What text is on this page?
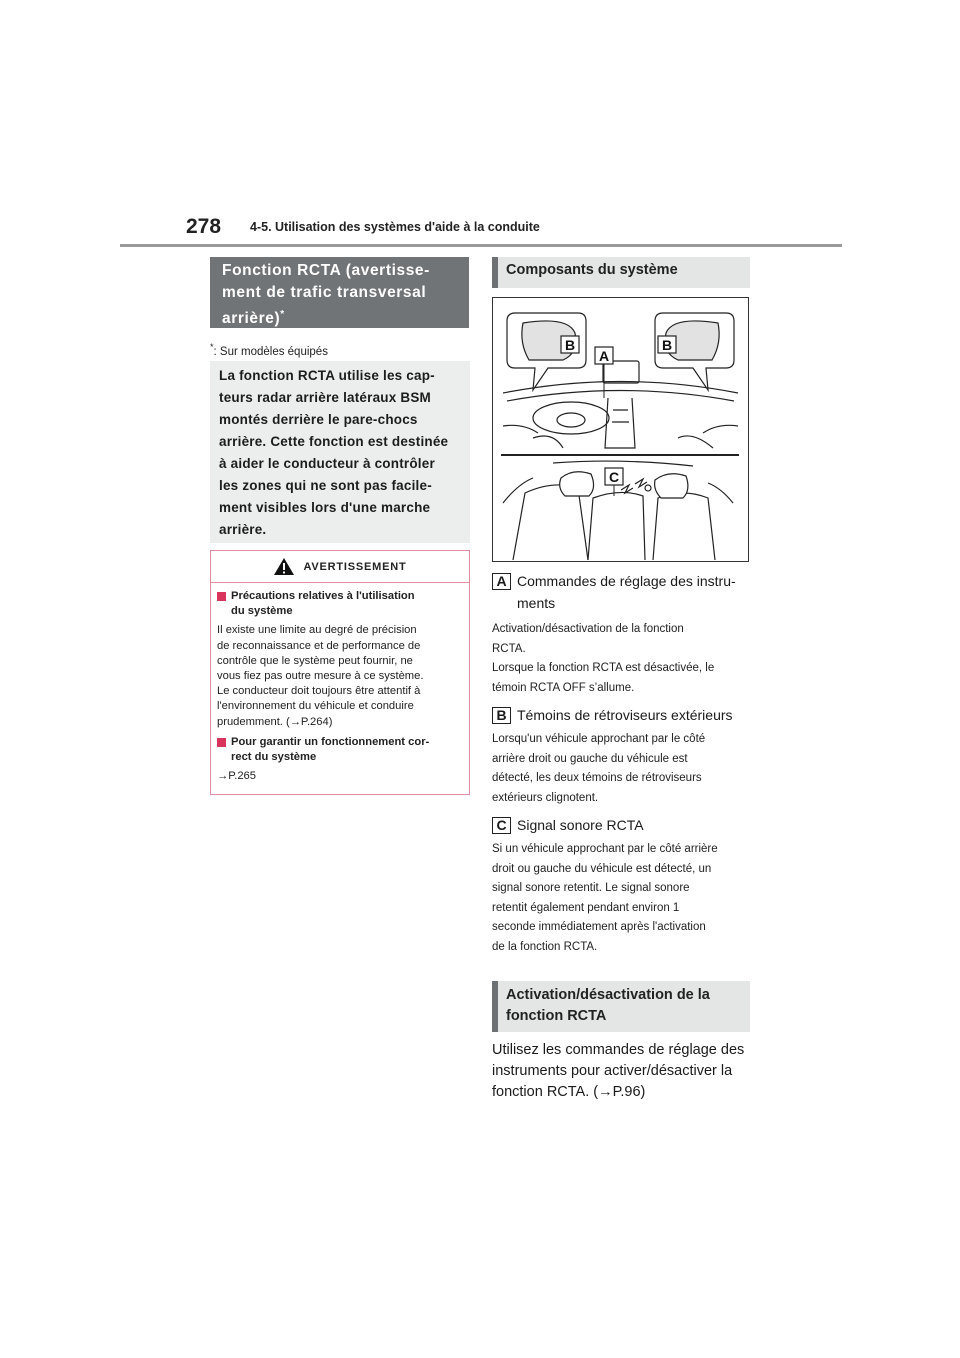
278 4-5. Utilisation des systèmes d'aide à la conduite
Fonction RCTA (avertisse-
ment de trafic transversal
arrière)*
*: Sur modèles équipés
La fonction RCTA utilise les cap-
teurs radar arrière latéraux BSM
montés derrière le pare-chocs
arrière. Cette fonction est destinée
à aider le conducteur à contrôler
les zones qui ne sont pas facile-
ment visibles lors d'une marche
arrière.
AVERTISSEMENT
Précautions relatives à l'utilisation
du système

Il existe une limite au degré de précision
de reconnaissance et de performance de
contrôle que le système peut fournir, ne
vous fiez pas outre mesure à ce système.
Le conducteur doit toujours être attentif à
l'environnement du véhicule et conduire
prudemment. (→P.264)

Pour garantir un fonctionnement cor-
rect du système

→P.265

Composants du système
B
A
B
C
A Commandes de réglage des instru-
ments
Activation/désactivation de la fonction
RCTA.
Lorsque la fonction RCTA est désactivée, le
témoin RCTA OFF s’allume.
B Témoins de rétroviseurs extérieurs
Lorsqu'un véhicule approchant par le côté
arrière droit ou gauche du véhicule est
détecté, les deux témoins de rétroviseurs
extérieurs clignotent.
C Signal sonore RCTA
Si un véhicule approchant par le côté arrière
droit ou gauche du véhicule est détecté, un
signal sonore retentit. Le signal sonore
retentit également pendant environ 1
seconde immédiatement après l'activation
de la fonction RCTA.
Activation/désactivation de la
fonction RCTA
Utilisez les commandes de réglage des
instruments pour activer/désactiver la
fonction RCTA. (→P.96)
